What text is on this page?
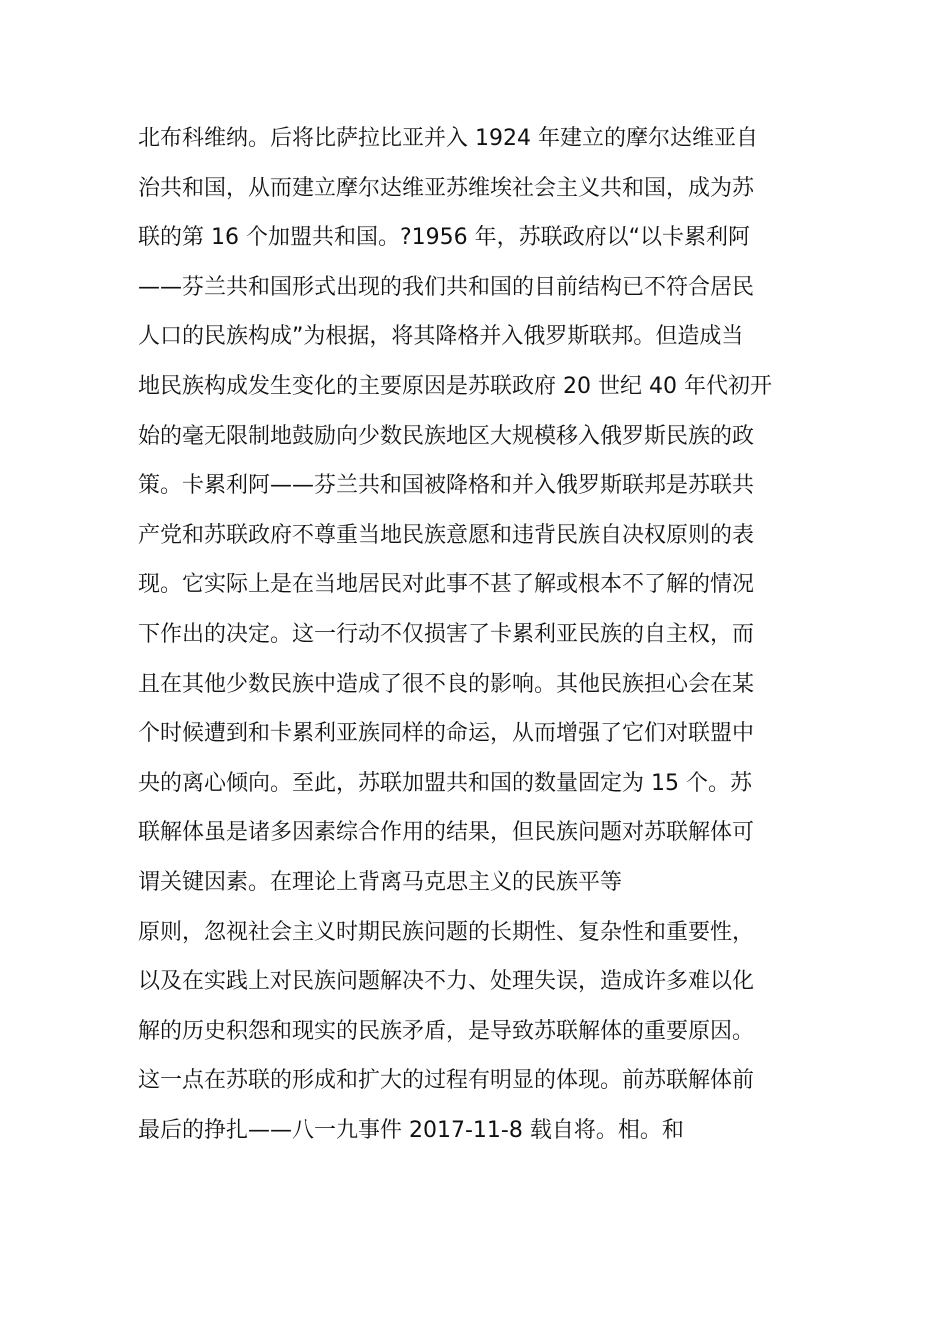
北布科维纳。后将比萨拉比亚并入 1924 年建立的摩尔达维亚自
治共和国，从而建立摩尔达维亚苏维埃社会主义共和国，成为苏
联的第 16 个加盟共和国。?1956 年，苏联政府以“以卡累利阿
——芬兰共和国形式出现的我们共和国的目前结构已不符合居民
人口的民族构成”为根据，将其降格并入俄罗斯联邦。但造成当
地民族构成发生变化的主要原因是苏联政府 20 世纪 40 年代初开
始的毫无限制地鼓励向少数民族地区大规模移入俄罗斯民族的政
策。卡累利阿——芬兰共和国被降格和并入俄罗斯联邦是苏联共
产党和苏联政府不尊重当地民族意愿和违背民族自决权原则的表
现。它实际上是在当地居民对此事不甚了解或根本不了解的情况
下作出的决定。这一行动不仅损害了卡累利亚民族的自主权，而
且在其他少数民族中造成了很不良的影响。其他民族担心会在某
个时候遭到和卡累利亚族同样的命运，从而增强了它们对联盟中
央的离心倾向。至此，苏联加盟共和国的数量固定为 15 个。苏
联解体虽是诸多因素综合作用的结果，但民族问题对苏联解体可
谓关键因素。在理论上背离马克思主义的民族平等
原则，忽视社会主义时期民族问题的长期性、复杂性和重要性，
以及在实践上对民族问题解决不力、处理失误，造成许多难以化
解的历史积怨和现实的民族矛盾，是导致苏联解体的重要原因。
这一点在苏联的形成和扩大的过程有明显的体现。前苏联解体前
最后的挣扎——八一九事件 2017-11-8 载自将。相。和
